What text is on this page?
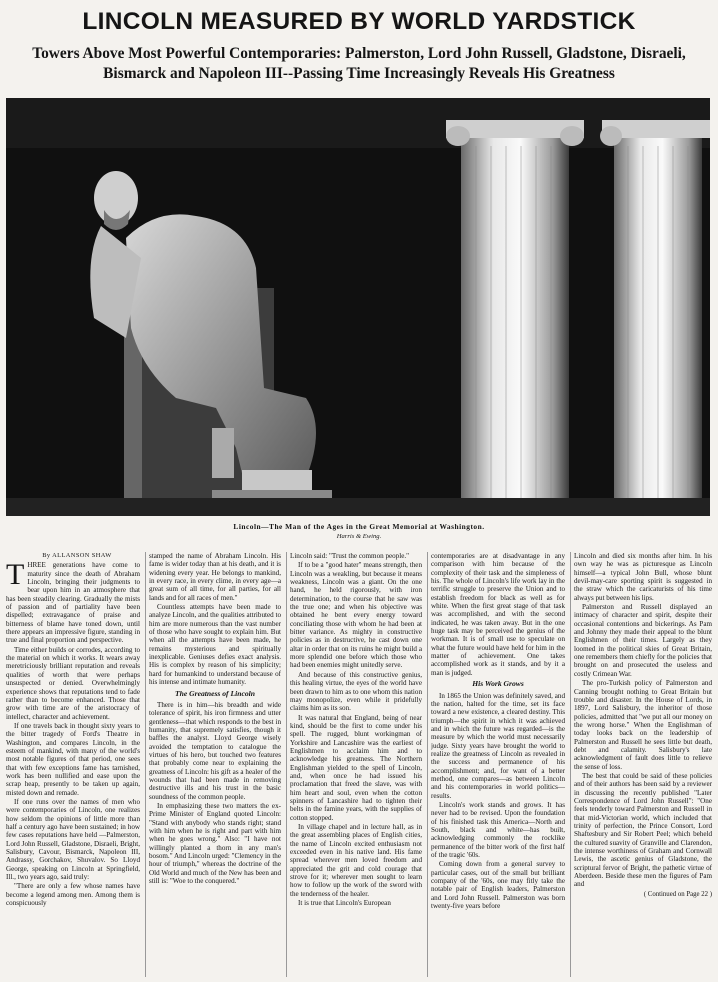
LINCOLN MEASURED BY WORLD YARDSTICK

Towers Above Most Powerful Contemporaries: Palmerston, Lord John Russell, Gladstone, Disraeli, Bismarck and Napoleon III--Passing Time Increasingly Reveals His Greatness

Lincoln—The Man of the Ages in the Great Memorial at Washington.

Harris & Ewing.

By ALLANSON SHAW

T HREE generations have come to maturity since the death of Abraham Lincoln, bringing their judgments to bear upon him in an atmosphere that has been steadily clearing. Gradually the mists of passion and of partiality have been dispelled; extravagance of praise and bitterness of blame have toned down, until there appears an impressive figure, standing in true and final proportion and perspective.

Time either builds or corrodes, according to the material on which it works. It wears away meretriciously brilliant reputation and reveals qualities of worth that were perhaps unsuspected or denied. Overwhelmingly experience shows that reputations tend to fade rather than to become enhanced. Those that grow with time are of the aristocracy of intellect, character and achievement.

If one travels back in thought sixty years to the bitter tragedy of Ford's Theatre in Washington, and compares Lincoln, in the esteem of mankind, with many of the world's most notable figures of that period, one sees that with few exceptions fame has tarnished, work has been nullified and ease upon the scrap heap, presently to be taken up again, misted down and remade.

If one runs over the names of men who were contemporaries of Lincoln, one realizes how seldom the opinions of little more than half a century ago have been sustained; in how few cases reputations have held —Palmerston, Lord John Russell, Gladstone, Disraeli, Bright, Salisbury, Cavour, Bismarck, Napoleon III, Andrassy, Gorchakov, Shuvalov. So Lloyd George, speaking on Lincoln at Springfield, Ill., two years ago, said truly:

"There are only a few whose names have become a legend among men. Among them is conspicuously

stamped the name of Abraham Lincoln. His fame is wider today than at his death, and it is widening every year. He belongs to mankind, in every race, in every clime, in every age—a great sum of all time, for all parties, for all lands and for all races of men."

Countless attempts have been made to analyze Lincoln, and the qualities attributed to him are more numerous than the vast number of those who have sought to explain him. But when all the attempts have been made, he remains mysterious and spiritually inexplicable. Geniuses defies exact analysis. His is complex by reason of his simplicity; hard for humankind to understand because of his intense and intimate humanity.

The Greatness of Lincoln

There is in him—his breadth and wide tolerance of spirit, his iron firmness and utter gentleness—that which responds to the best in humanity, that supremely satisfies, though it baffles the analyst. Lloyd George wisely avoided the temptation to catalogue the virtues of his hero, but touched two features that probably come near to explaining the greatness of Lincoln: his gift as a healer of the wounds that had been made in removing destructive ills and his trust in the basic soundness of the common people.

In emphasizing these two matters the ex-Prime Minister of England quoted Lincoln: "Stand with anybody who stands right; stand with him when he is right and part with him when he goes wrong." Also: "I have not willingly planted a thorn in any man's bosom." And Lincoln urged: "Clemency in the hour of triumph," whereas the doctrine of the Old World and much of the New has been and still is: "Woe to the conquered."

Lincoln said: "Trust the common people."

If to be a "good hater" means strength, then Lincoln was a weakling, but because it means weakness, Lincoln was a giant. On the one hand, he held rigorously, with iron determination, to the course that he saw was the true one; and when his objective was obtained he bent every energy toward conciliating those with whom he had been at bitter variance. As mighty in constructive policies as in destructive, he cast down one altar in order that on its ruins he might build a more splendid one before which those who had been enemies might unitedly serve.

And because of this constructive genius, this healing virtue, the eyes of the world have been drawn to him as to one whom this nation may monopolize, even while it pridefully claims him as its son.

It was natural that England, being of near kind, should be the first to come under his spell. The rugged, blunt workingman of Yorkshire and Lancashire was the earliest of Englishmen to acclaim him and to acknowledge his greatness. The Northern Englishman yielded to the spell of Lincoln, and, when once he had issued his proclamation that freed the slave, was with him heart and soul, even when the cotton spinners of Lancashire had to tighten their belts in the famine years, with the supplies of cotton stopped.

In village chapel and in lecture hall, as in the great assembling places of English cities, the name of Lincoln excited enthusiasm not exceeded even in his native land. His fame spread wherever men loved freedom and appreciated the grit and cold courage that strove for it; wherever men sought to learn how to follow up the work of the sword with the tenderness of the healer.

It is true that Lincoln's European

contemporaries are at disadvantage in any comparison with him because of the complexity of their task and the simpleness of his. The whole of Lincoln's life work lay in the terrific struggle to preserve the Union and to establish freedom for black as well as for white. When the first great stage of that task was accomplished, and with the second indicated, he was taken away. But in the one huge task may be perceived the genius of the workman. It is of small use to speculate on what the future would have held for him in the matter of achievement. One takes accomplished work as it stands, and by it a man is judged.

His Work Grows

In 1865 the Union was definitely saved, and the nation, halted for the time, set its face toward a new existence, a cleared destiny. This triumph—the spirit in which it was achieved and in which the future was regarded—is the measure by which the world must necessarily judge. Sixty years have brought the world to realize the greatness of Lincoln as revealed in the success and permanence of his accomplishment; and, for want of a better method, one compares—as between Lincoln and his contemporaries in world politics—results.

Lincoln's work stands and grows. It has never had to be revised. Upon the foundation of his finished task this America—North and South, black and white—has built, acknowledging commonly the rocklike permanence of the bitter work of the first half of the tragic '60s.

Coming down from a general survey to particular cases, out of the small but brilliant company of the '60s, one may fitly take the notable pair of English leaders, Palmerston and Lord John Russell. Palmerston was born twenty-five years before

Lincoln and died six months after him. In his own way he was as picturesque as Lincoln himself—a typical John Bull, whose blunt devil-may-care sporting spirit is suggested in the straw which the caricaturists of his time always put between his lips.

Palmerston and Russell displayed an intimacy of character and spirit, despite their occasional contentions and bickerings. As Pam and Johnny they made their appeal to the blunt Englishmen of their times. Largely as they loomed in the political skies of Great Britain, one remembers them chiefly for the policies that brought on and prosecuted the useless and costly Crimean War.

The pro-Turkish policy of Palmerston and Canning brought nothing to Great Britain but trouble and disaster. In the House of Lords, in 1897, Lord Salisbury, the inheritor of those policies, admitted that "we put all our money on the wrong horse." When the Englishman of today looks back on the leadership of Palmerston and Russell he sees little but death, debt and calamity. Salisbury's late acknowledgment of fault does little to relieve the sense of loss.

The best that could be said of these policies and of their authors has been said by a reviewer in discussing the recently published "Later Correspondence of Lord John Russell": "One feels tenderly toward Palmerston and Russell in that mid-Victorian world, which included that trinity of perfection, the Prince Consort, Lord Shaftesbury and Sir Robert Peel; which beheld the cultured suavity of Granville and Clarendon, the intense worthiness of Graham and Cornwall Lewis, the ascetic genius of Gladstone, the scriptural fervor of Bright, the pathetic virtue of Aberdeen. Beside these men the figures of Pam and

( Continued on Page 22 )
